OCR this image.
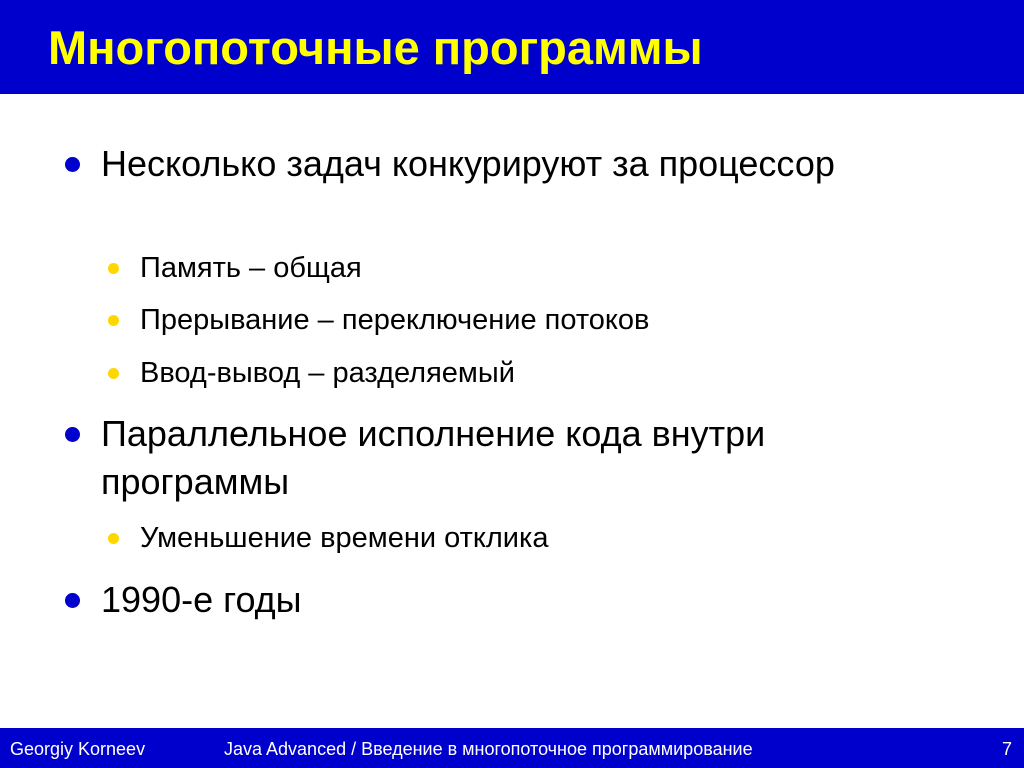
Многопоточные программы
Несколько задач конкурируют за процессор
Память – общая
Прерывание – переключение потоков
Ввод-вывод – разделяемый
Параллельное исполнение кода внутри программы
Уменьшение времени отклика
1990-е годы
Georgiy Korneev	Java Advanced / Введение в многопоточное программирование	7
